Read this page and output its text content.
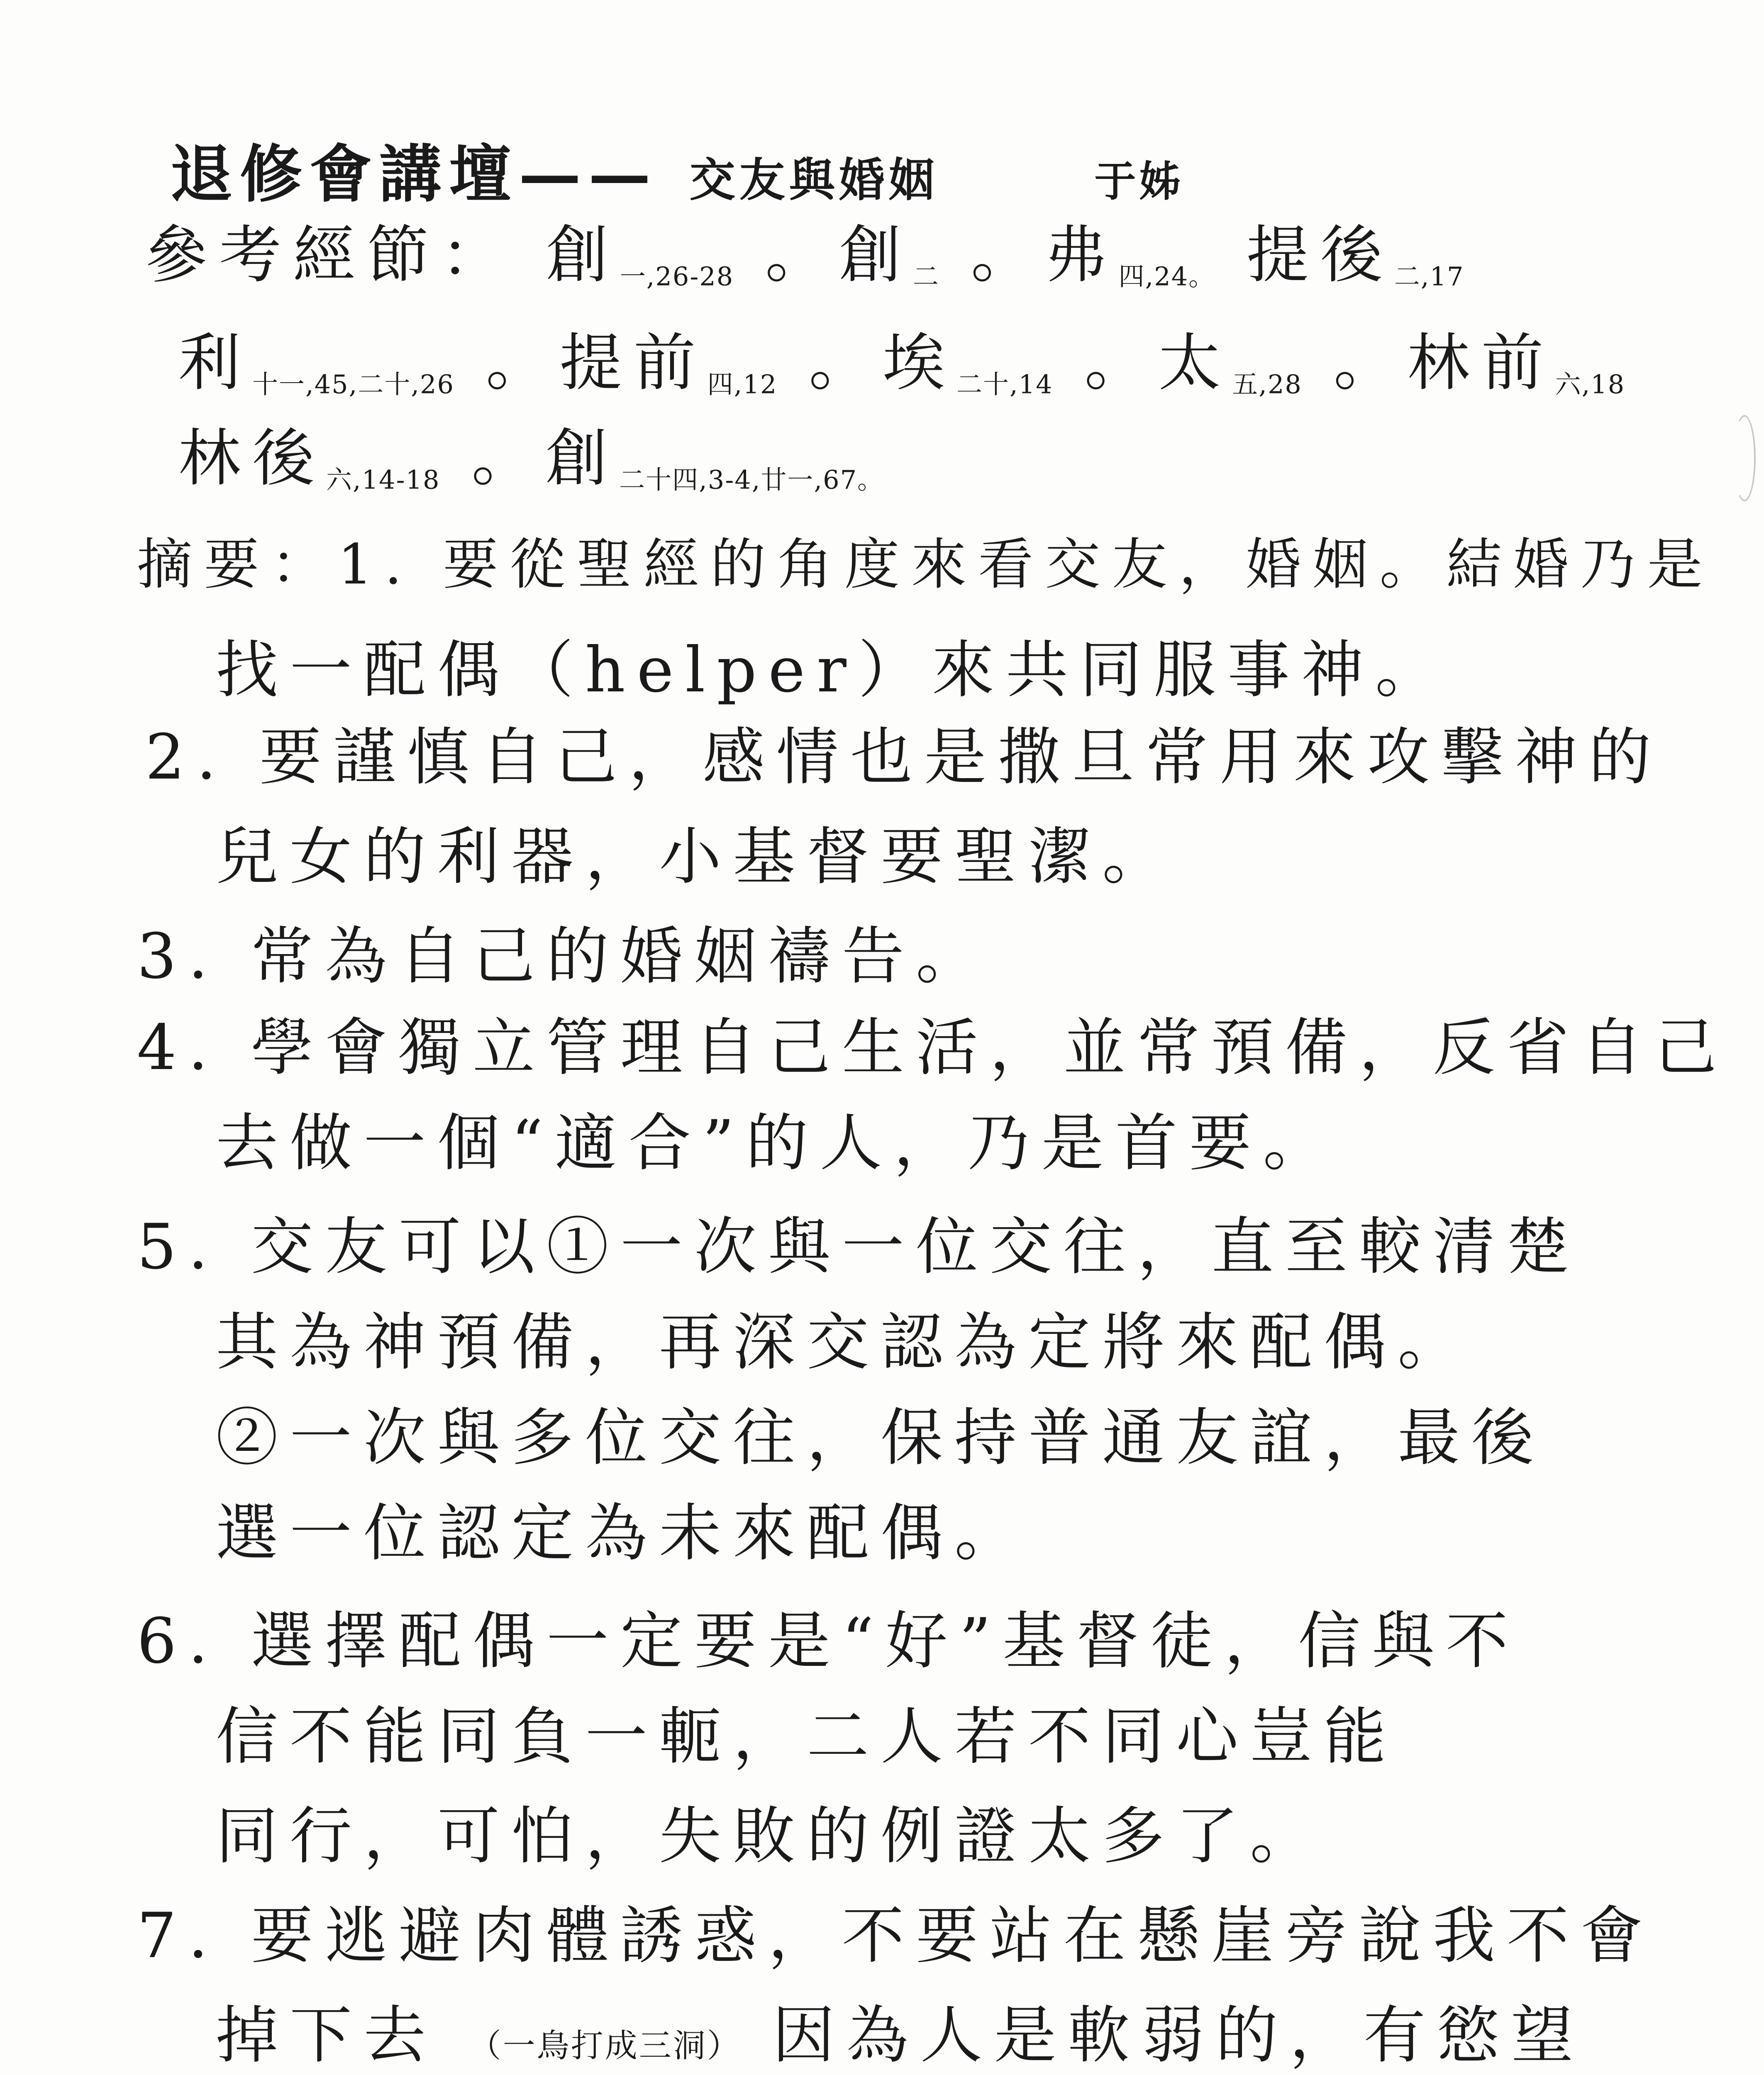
退修會講壇—— 交友與婚姻	于姊
參考經節： 創$_{一,26-28}$ 。創$_二$ 。弗$_{四,24。}$ 提後$_{二,17}$
利$_{十一,45,二十,26}$ 。提前$_{四,12}$ 。埃$_{二十,14}$ 。太$_{五,28}$ 。林前$_{六,18}$
林後$_{六,14-18}$ 。創$_{二十四,3-4,廿一,67。}$
摘要：1. 要從聖經的角度來看交友，婚姻。結婚乃是
找一配偶（helper）來共同服事神。
2. 要謹慎自己，感情也是撒旦常用來攻擊神的
兒女的利器，小基督要聖潔。
3. 常為自己的婚姻禱告。
4. 學會獨立管理自己生活，並常預備，反省自己
去做一個“適合”的人，乃是首要。
5. 交友可以①一次與一位交往，直至較清楚
其為神預備，再深交認為定將來配偶。
②一次與多位交往，保持普通友誼，最後
選一位認定為未來配偶。
6. 選擇配偶一定要是“好”基督徒，信與不
信不能同負一軛，二人若不同心豈能
同行，可怕，失敗的例證太多了。
7. 要逃避肉體誘惑，不要站在懸崖旁說我不會
掉下去 （一鳥打成三洞） 因為人是軟弱的，有慾望
